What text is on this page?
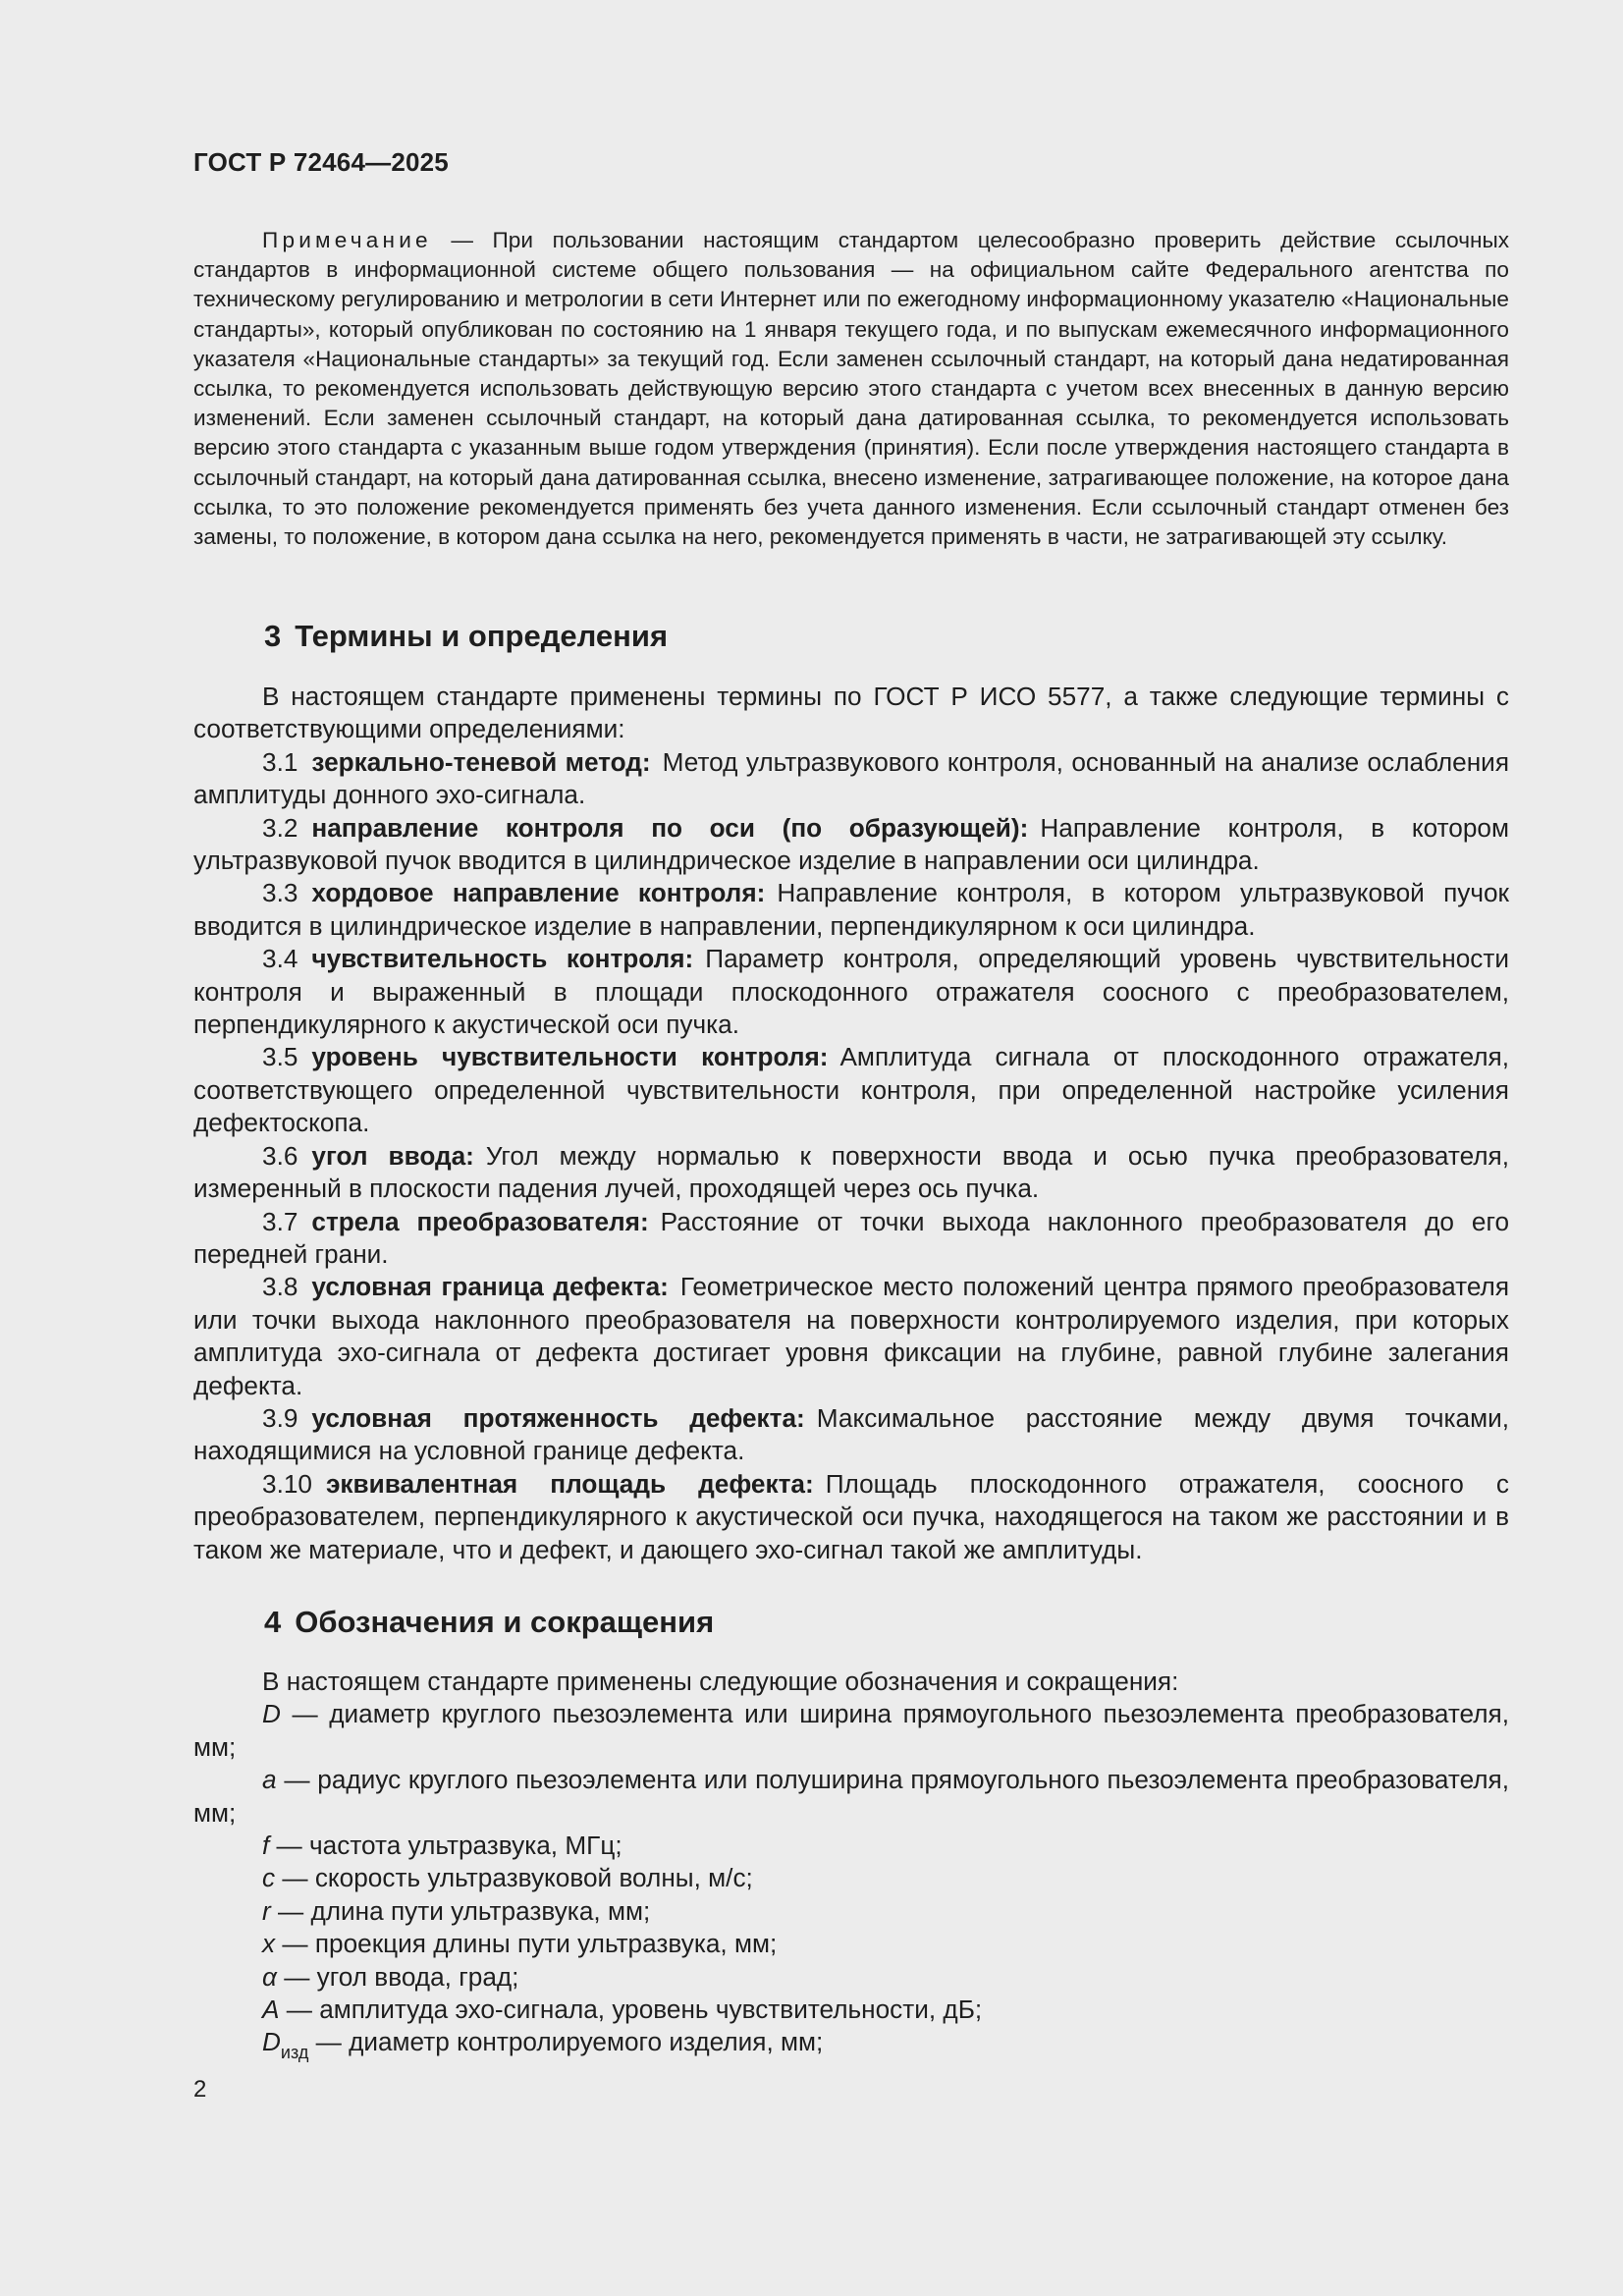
ГОСТ Р 72464—2025
Примечание — При пользовании настоящим стандартом целесообразно проверить действие ссылочных стандартов в информационной системе общего пользования — на официальном сайте Федерального агентства по техническому регулированию и метрологии в сети Интернет или по ежегодному информационному указателю «Национальные стандарты», который опубликован по состоянию на 1 января текущего года, и по выпускам ежемесячного информационного указателя «Национальные стандарты» за текущий год. Если заменен ссылочный стандарт, на который дана недатированная ссылка, то рекомендуется использовать действующую версию этого стандарта с учетом всех внесенных в данную версию изменений. Если заменен ссылочный стандарт, на который дана датированная ссылка, то рекомендуется использовать версию этого стандарта с указанным выше годом утверждения (принятия). Если после утверждения настоящего стандарта в ссылочный стандарт, на который дана датированная ссылка, внесено изменение, затрагивающее положение, на которое дана ссылка, то это положение рекомендуется применять без учета данного изменения. Если ссылочный стандарт отменен без замены, то положение, в котором дана ссылка на него, рекомендуется применять в части, не затрагивающей эту ссылку.
3 Термины и определения

В настоящем стандарте применены термины по ГОСТ Р ИСО 5577, а также следующие термины с соответствующими определениями:

3.1 зеркально-теневой метод: Метод ультразвукового контроля, основанный на анализе ослабления амплитуды донного эхо-сигнала.

3.2 направление контроля по оси (по образующей): Направление контроля, в котором ультразвуковой пучок вводится в цилиндрическое изделие в направлении оси цилиндра.

3.3 хордовое направление контроля: Направление контроля, в котором ультразвуковой пучок вводится в цилиндрическое изделие в направлении, перпендикулярном к оси цилиндра.

3.4 чувствительность контроля: Параметр контроля, определяющий уровень чувствительности контроля и выраженный в площади плоскодонного отражателя соосного с преобразователем, перпендикулярного к акустической оси пучка.

3.5 уровень чувствительности контроля: Амплитуда сигнала от плоскодонного отражателя, соответствующего определенной чувствительности контроля, при определенной настройке усиления дефектоскопа.

3.6 угол ввода: Угол между нормалью к поверхности ввода и осью пучка преобразователя, измеренный в плоскости падения лучей, проходящей через ось пучка.

3.7 стрела преобразователя: Расстояние от точки выхода наклонного преобразователя до его передней грани.

3.8 условная граница дефекта: Геометрическое место положений центра прямого преобразователя или точки выхода наклонного преобразователя на поверхности контролируемого изделия, при которых амплитуда эхо-сигнала от дефекта достигает уровня фиксации на глубине, равной глубине залегания дефекта.

3.9 условная протяженность дефекта: Максимальное расстояние между двумя точками, находящимися на условной границе дефекта.

3.10 эквивалентная площадь дефекта: Площадь плоскодонного отражателя, соосного с преобразователем, перпендикулярного к акустической оси пучка, находящегося на таком же расстоянии и в таком же материале, что и дефект, и дающего эхо-сигнал такой же амплитуды.

4 Обозначения и сокращения

В настоящем стандарте применены следующие обозначения и сокращения:

D — диаметр круглого пьезоэлемента или ширина прямоугольного пьезоэлемента преобразователя, мм;

a — радиус круглого пьезоэлемента или полуширина прямоугольного пьезоэлемента преобразователя, мм;

f — частота ультразвука, МГц;

c — скорость ультразвуковой волны, м/с;

r — длина пути ультразвука, мм;

x — проекция длины пути ультразвука, мм;

α — угол ввода, град;

A — амплитуда эхо-сигнала, уровень чувствительности, дБ;

$D_{изд}$ — диаметр контролируемого изделия, мм;

2
